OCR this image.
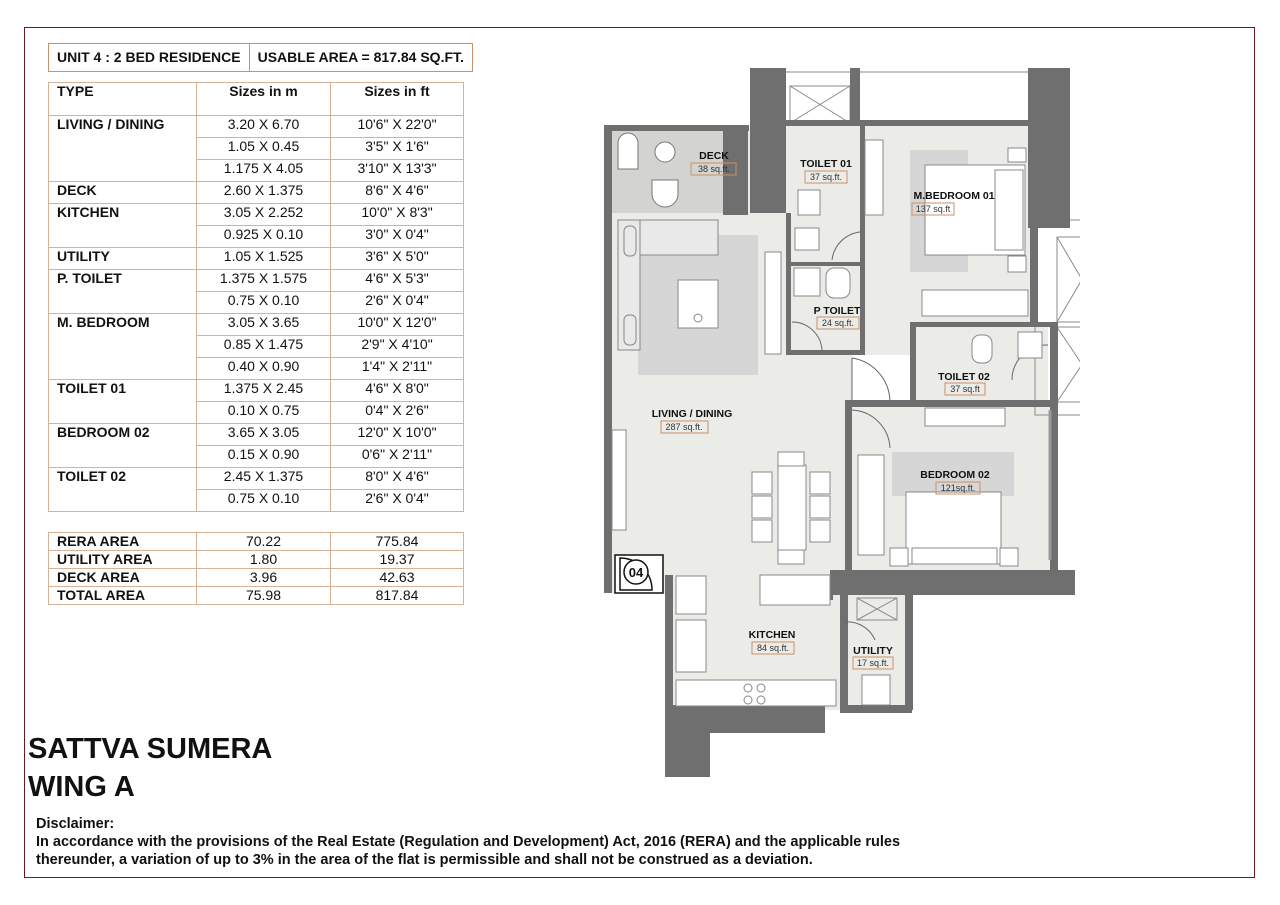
UNIT 4 : 2 BED RESIDENCE	USABLE AREA = 817.84 SQ.FT.
TYPE	Sizes in m	Sizes in ft
LIVING / DINING	3.20 X 6.70	10'6" X 22'0"
	1.05 X 0.45	3'5" X 1'6"
	1.175 X 4.05	3'10" X 13'3"
DECK	2.60 X 1.375	8'6" X 4'6"
KITCHEN	3.05 X 2.252	10'0" X 8'3"
	0.925 X 0.10	3'0" X 0'4"
UTILITY	1.05 X 1.525	3'6" X 5'0"
P. TOILET	1.375 X 1.575	4'6" X 5'3"
	0.75 X 0.10	2'6" X 0'4"
M. BEDROOM	3.05 X 3.65	10'0" X 12'0"
	0.85 X 1.475	2'9" X 4'10"
	0.40 X 0.90	1'4" X 2'11"
TOILET 01	1.375 X 2.45	4'6" X 8'0"
	0.10 X 0.75	0'4" X 2'6"
BEDROOM 02	3.65 X 3.05	12'0" X 10'0"
	0.15 X 0.90	0'6" X 2'11"
TOILET 02	2.45 X 1.375	8'0" X 4'6"
	0.75 X 0.10	2'6" X 0'4"
RERA AREA	70.22	775.84
UTILITY AREA	1.80	19.37
DECK AREA	3.96	42.63
TOTAL AREA	75.98	817.84
SATTVA SUMERA
WING A
Disclaimer:
In accordance with the provisions of the Real Estate (Regulation and Development) Act, 2016 (RERA) and the applicable rules thereunder, a variation of up to 3% in the area of the flat is permissible and shall not be construed as a deviation.
04
DECK
38 sq.ft.	TOILET 01
37 sq.ft.
M.BEDROOM 01
137 sq.ft
P TOILET
24 sq.ft.
TOILET 02
37 sq.ft
LIVING / DINING
287 sq.ft.
BEDROOM 02
121sq.ft.
KITCHEN
84 sq.ft.	UTILITY
17 sq.ft.
